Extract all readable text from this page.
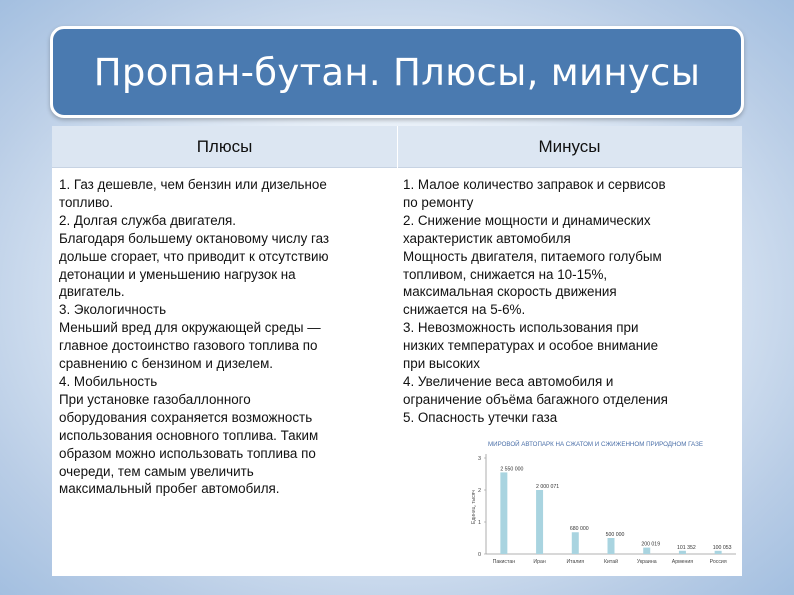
Пропан-бутан. Плюсы, минусы
Плюсы	Минусы
1. Газ дешевле, чем бензин или дизельное
топливо.
2. Долгая служба двигателя.
Благодаря большему октановому числу газ
дольше сгорает, что приводит к отсутствию
детонации и уменьшению нагрузок на
двигатель.
3. Экологичность
Меньший вред для окружающей среды —
главное достоинство газового топлива по
сравнению с бензином и дизелем.
4. Мобильность
При установке газобаллонного
оборудования сохраняется возможность
использования основного топлива. Таким
образом можно использовать топлива по
очереди, тем самым увеличить
максимальный пробег автомобиля.
1. Малое количество заправок и сервисов
по ремонту
2. Снижение мощности и динамических
характеристик автомобиля
Мощность двигателя, питаемого голубым
топливом, снижается на 10-15%,
максимальная скорость движения
снижается на 5-6%.
3. Невозможность использования при
низких температурах и особое внимание
при высоких
4. Увеличение веса автомобиля и
ограничение объёма багажного отделения
5. Опасность утечки газа
МИРОВОЙ АВТОПАРК НА СЖАТОМ И СЖИЖЕННОМ ПРИРОДНОМ ГАЗЕ
Единиц, тысяч
3
2
1
0
2 550 000
Пакистан
2 000 071
Иран
680 000
Италия
500 000
Китай
200 019
Украина
101 352
Армения
100 053
Россия
